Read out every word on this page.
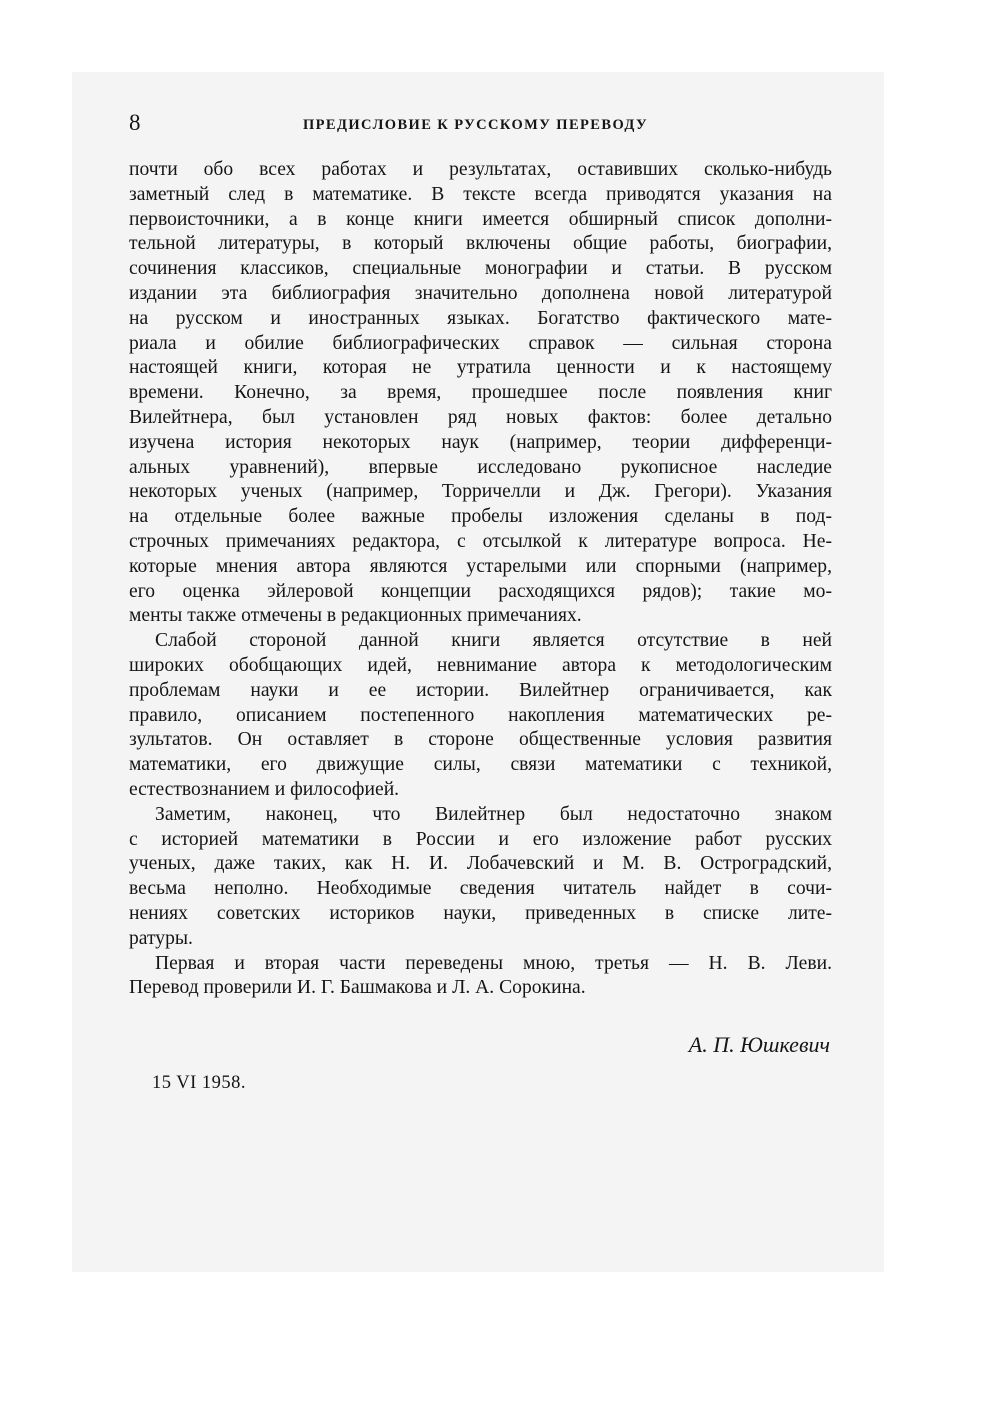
8	ПРЕДИСЛОВИЕ К РУССКОМУ ПЕРЕВОДУ
почти обо всех работах и результатах, оставивших сколько-нибудь
заметный след в математике. В тексте всегда приводятся указания на
первоисточники, а в конце книги имеется обширный список дополни-
тельной литературы, в который включены общие работы, биографии,
сочинения классиков, специальные монографии и статьи. В русском
издании эта библиография значительно дополнена новой литературой
на русском и иностранных языках. Богатство фактического мате-
риала и обилие библиографических справок — сильная сторона
настоящей книги, которая не утратила ценности и к настоящему
времени. Конечно, за время, прошедшее после появления книг
Вилейтнера, был установлен ряд новых фактов: более детально
изучена история некоторых наук (например, теории дифференци-
альных уравнений), впервые исследовано рукописное наследие
некоторых ученых (например, Торричелли и Дж. Грегори). Указания
на отдельные более важные пробелы изложения сделаны в под-
строчных примечаниях редактора, с отсылкой к литературе вопроса. Не-
которые мнения автора являются устарелыми или спорными (например,
его оценка эйлеровой концепции расходящихся рядов); такие мо-
менты также отмечены в редакционных примечаниях.
Слабой стороной данной книги является отсутствие в ней
широких обобщающих идей, невнимание автора к методологическим
проблемам науки и ее истории. Вилейтнер ограничивается, как
правило, описанием постепенного накопления математических ре-
зультатов. Он оставляет в стороне общественные условия развития
математики, его движущие силы, связи математики с техникой,
естествознанием и философией.
Заметим, наконец, что Вилейтнер был недостаточно знаком
с историей математики в России и его изложение работ русских
ученых, даже таких, как Н. И. Лобачевский и М. В. Остроградский,
весьма неполно. Необходимые сведения читатель найдет в сочи-
нениях советских историков науки, приведенных в списке лите-
ратуры.
Первая и вторая части переведены мною, третья — Н. В. Леви.
Перевод проверили И. Г. Башмакова и Л. А. Сорокина.
А. П. Юшкевич
15 VI 1958.
